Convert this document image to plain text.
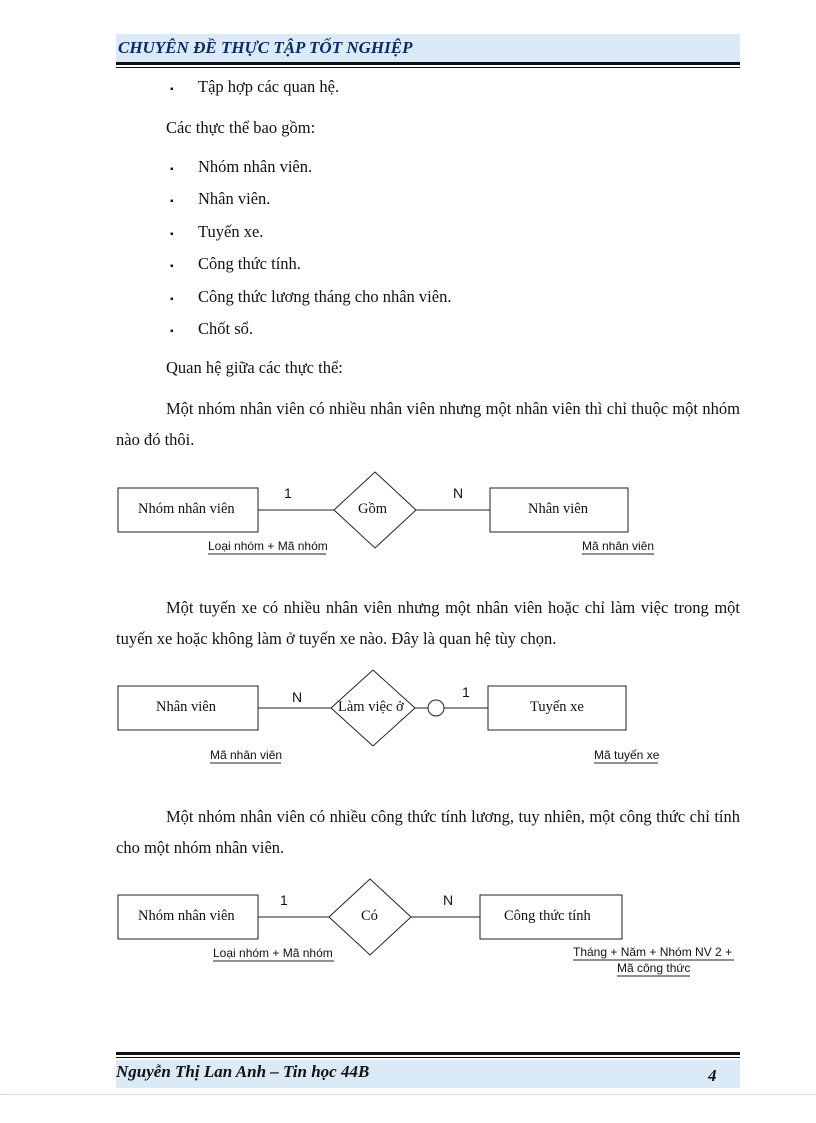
CHUYÊN ĐỀ THỰC TẬP TỐT NGHIỆP
▪ Tập hợp các quan hệ.
Các thực thể bao gồm:
▪ Nhóm nhân viên.
▪ Nhân viên.
▪ Tuyến xe.
▪ Công thức tính.
▪ Công thức lương tháng cho nhân viên.
▪ Chốt sổ.
Quan hệ giữa các thực thể:
Một nhóm nhân viên có nhiều nhân viên nhưng một nhân viên thì chỉ thuộc một nhóm nào đó thôi.
Nhóm nhân viên	Gồm	Nhân viên
1	N
Loại nhóm + Mã nhóm	Mã nhân viên
Một tuyến xe có nhiều nhân viên nhưng một nhân viên hoặc chỉ làm việc trong một tuyến xe hoặc không làm ở tuyến xe nào. Đây là quan hệ tùy chọn.
Nhân viên	Làm việc ở	Tuyến xe
N	1
Mã nhân viên	Mã tuyến xe
Một nhóm nhân viên có nhiều công thức tính lương, tuy nhiên, một công thức chỉ tính cho một nhóm nhân viên.
Nhóm nhân viên	Có	Công thức tính
1	N
Loại nhóm + Mã nhóm	Tháng + Năm + Nhóm NV 2 +
Mã công thức
Nguyễn Thị Lan Anh – Tin học 44B	4
